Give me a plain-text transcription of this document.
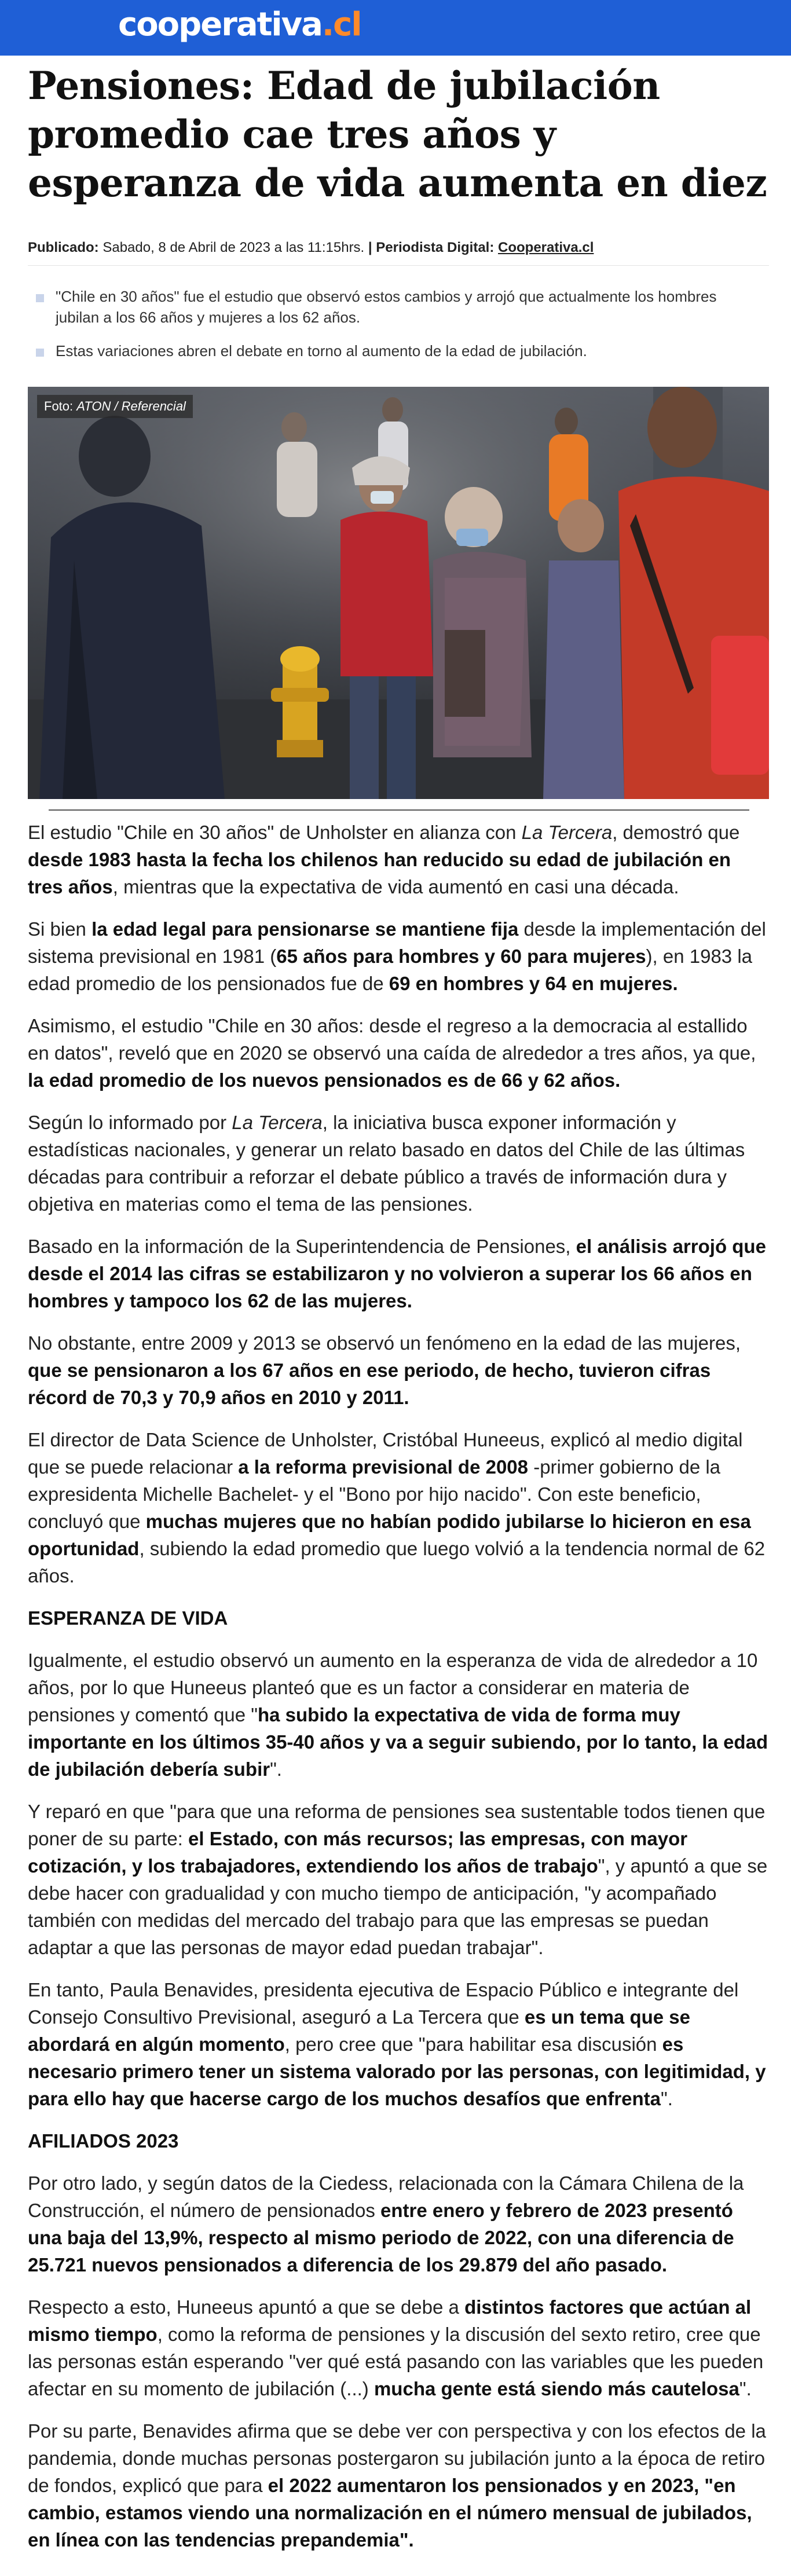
cooperativa.cl
Pensiones: Edad de jubilación promedio cae tres años y esperanza de vida aumenta en diez
Publicado: Sabado, 8 de Abril de 2023 a las 11:15hrs. | Periodista Digital: Cooperativa.cl
"Chile en 30 años" fue el estudio que observó estos cambios y arrojó que actualmente los hombres jubilan a los 66 años y mujeres a los 62 años.
Estas variaciones abren el debate en torno al aumento de la edad de jubilación.
Foto: ATON / Referencial

El estudio "Chile en 30 años" de Unholster en alianza con La Tercera, demostró que desde 1983 hasta la fecha los chilenos han reducido su edad de jubilación en tres años, mientras que la expectativa de vida aumentó en casi una década.

Si bien la edad legal para pensionarse se mantiene fija desde la implementación del sistema previsional en 1981 (65 años para hombres y 60 para mujeres), en 1983 la edad promedio de los pensionados fue de 69 en hombres y 64 en mujeres.

Asimismo, el estudio "Chile en 30 años: desde el regreso a la democracia al estallido en datos", reveló que en 2020 se observó una caída de alrededor a tres años, ya que, la edad promedio de los nuevos pensionados es de 66 y 62 años.

Según lo informado por La Tercera, la iniciativa busca exponer información y estadísticas nacionales, y generar un relato basado en datos del Chile de las últimas décadas para contribuir a reforzar el debate público a través de información dura y objetiva en materias como el tema de las pensiones.

Basado en la información de la Superintendencia de Pensiones, el análisis arrojó que desde el 2014 las cifras se estabilizaron y no volvieron a superar los 66 años en hombres y tampoco los 62 de las mujeres.

No obstante, entre 2009 y 2013 se observó un fenómeno en la edad de las mujeres, que se pensionaron a los 67 años en ese periodo, de hecho, tuvieron cifras récord de 70,3 y 70,9 años en 2010 y 2011.

El director de Data Science de Unholster, Cristóbal Huneeus, explicó al medio digital que se puede relacionar a la reforma previsional de 2008 -primer gobierno de la expresidenta Michelle Bachelet- y el "Bono por hijo nacido". Con este beneficio, concluyó que muchas mujeres que no habían podido jubilarse lo hicieron en esa oportunidad, subiendo la edad promedio que luego volvió a la tendencia normal de 62 años.

ESPERANZA DE VIDA

Igualmente, el estudio observó un aumento en la esperanza de vida de alrededor a 10 años, por lo que Huneeus planteó que es un factor a considerar en materia de pensiones y comentó que "ha subido la expectativa de vida de forma muy importante en los últimos 35-40 años y va a seguir subiendo, por lo tanto, la edad de jubilación debería subir".

Y reparó en que "para que una reforma de pensiones sea sustentable todos tienen que poner de su parte: el Estado, con más recursos; las empresas, con mayor cotización, y los trabajadores, extendiendo los años de trabajo", y apuntó a que se debe hacer con gradualidad y con mucho tiempo de anticipación, "y acompañado también con medidas del mercado del trabajo para que las empresas se puedan adaptar a que las personas de mayor edad puedan trabajar".

En tanto, Paula Benavides, presidenta ejecutiva de Espacio Público e integrante del Consejo Consultivo Previsional, aseguró a La Tercera que es un tema que se abordará en algún momento, pero cree que "para habilitar esa discusión es necesario primero tener un sistema valorado por las personas, con legitimidad, y para ello hay que hacerse cargo de los muchos desafíos que enfrenta".

AFILIADOS 2023

Por otro lado, y según datos de la Ciedess, relacionada con la Cámara Chilena de la Construcción, el número de pensionados entre enero y febrero de 2023 presentó una baja del 13,9%, respecto al mismo periodo de 2022, con una diferencia de 25.721 nuevos pensionados a diferencia de los 29.879 del año pasado.

Respecto a esto, Huneeus apuntó a que se debe a distintos factores que actúan al mismo tiempo, como la reforma de pensiones y la discusión del sexto retiro, cree que las personas están esperando "ver qué está pasando con las variables que les pueden afectar en su momento de jubilación (...) mucha gente está siendo más cautelosa".

Por su parte, Benavides afirma que se debe ver con perspectiva y con los efectos de la pandemia, donde muchas personas postergaron su jubilación junto a la época de retiro de fondos, explicó que para el 2022 aumentaron los pensionados y en 2023, "en cambio, estamos viendo una normalización en el número mensual de jubilados, en línea con las tendencias prepandemia".
